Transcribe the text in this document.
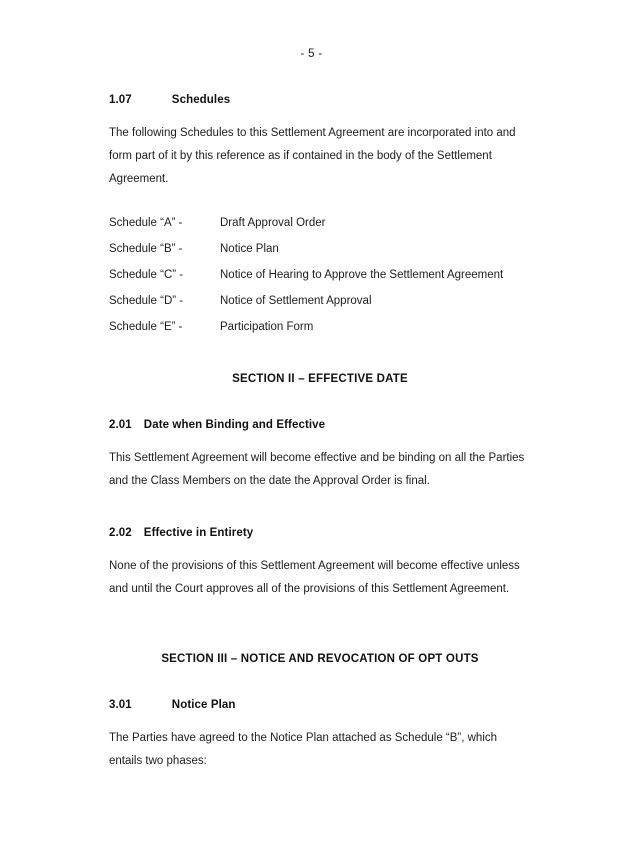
- 5 -
1.07	Schedules
The following Schedules to this Settlement Agreement are incorporated into and form part of it by this reference as if contained in the body of the Settlement Agreement.
Schedule “A” -	Draft Approval Order
Schedule “B” -	Notice Plan
Schedule “C” -	Notice of Hearing to Approve the Settlement Agreement
Schedule “D” -	Notice of Settlement Approval
Schedule “E” -	Participation Form
SECTION II – EFFECTIVE DATE
2.01 Date when Binding and Effective
This Settlement Agreement will become effective and be binding on all the Parties and the Class Members on the date the Approval Order is final.
2.02 Effective in Entirety
None of the provisions of this Settlement Agreement will become effective unless and until the Court approves all of the provisions of this Settlement Agreement.
SECTION III – NOTICE AND REVOCATION OF OPT OUTS
3.01	Notice Plan
The Parties have agreed to the Notice Plan attached as Schedule “B”, which entails two phases:
